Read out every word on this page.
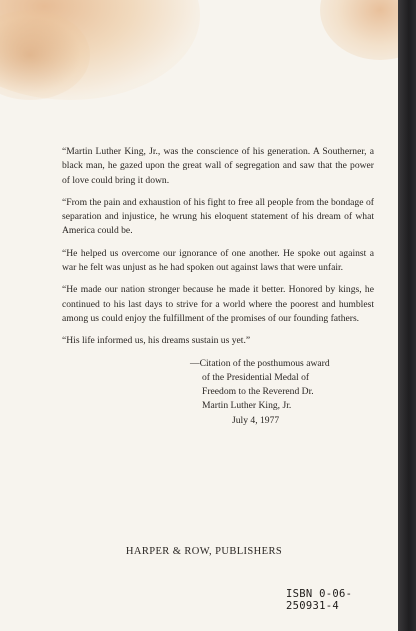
“Martin Luther King, Jr., was the conscience of his generation. A Southerner, a black man, he gazed upon the great wall of segregation and saw that the power of love could bring it down.

“From the pain and exhaustion of his fight to free all people from the bondage of separation and injustice, he wrung his eloquent statement of his dream of what America could be.

“He helped us overcome our ignorance of one another. He spoke out against a war he felt was unjust as he had spoken out against laws that were unfair.

“He made our nation stronger because he made it better. Honored by kings, he continued to his last days to strive for a world where the poorest and humblest among us could enjoy the fulfillment of the promises of our founding fathers.

“His life informed us, his dreams sustain us yet.”

—Citation of the posthumous award
of the Presidential Medal of
Freedom to the Reverend Dr.
Martin Luther King, Jr.
July 4, 1977
HARPER & ROW, PUBLISHERS
ISBN 0-06-250931-4
